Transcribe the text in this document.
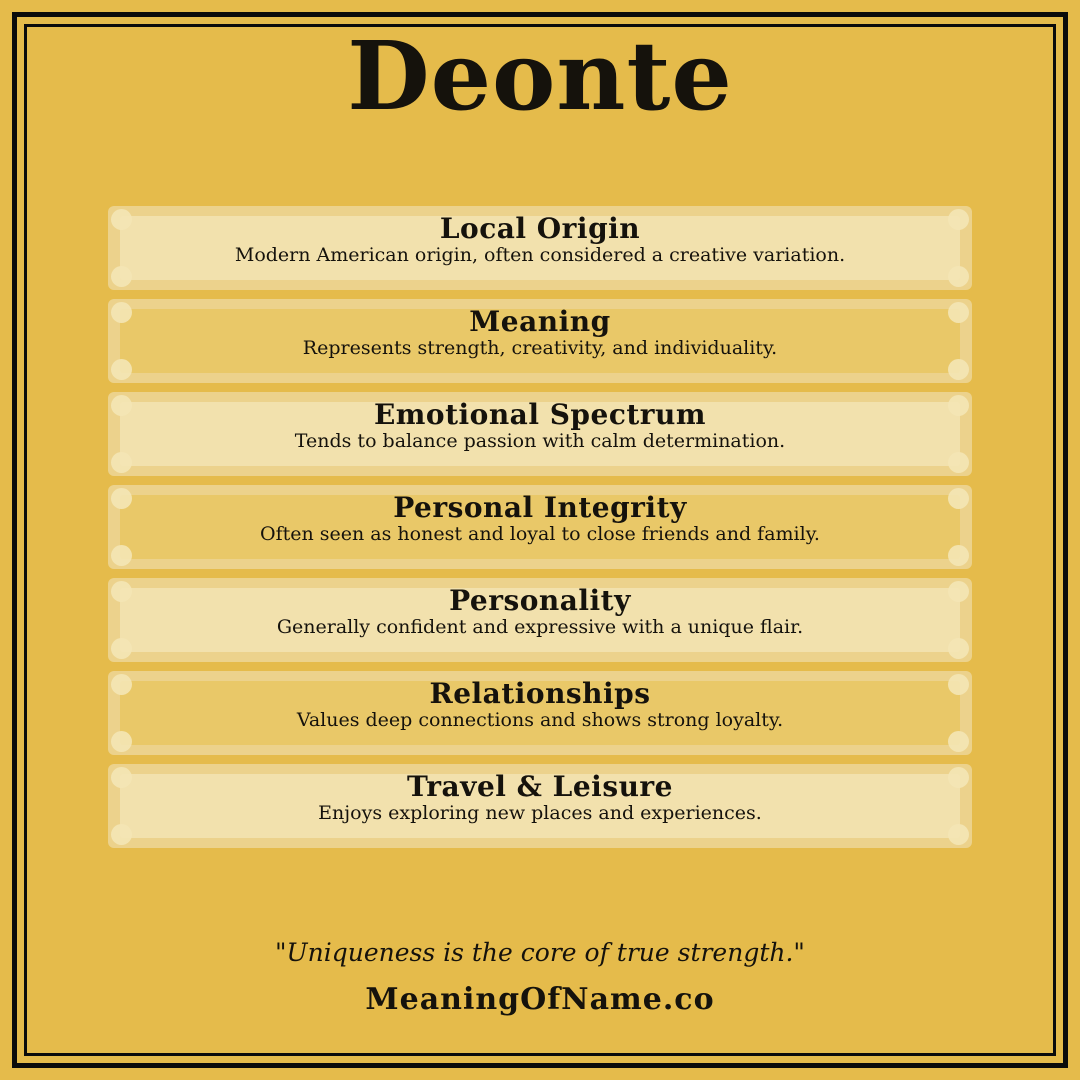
Deonte
Local Origin

Modern American origin, often considered a creative variation.

Meaning

Represents strength, creativity, and individuality.

Emotional Spectrum

Tends to balance passion with calm determination.

Personal Integrity

Often seen as honest and loyal to close friends and family.

Personality

Generally confident and expressive with a unique flair.

Relationships

Values deep connections and shows strong loyalty.

Travel & Leisure

Enjoys exploring new places and experiences.

"Uniqueness is the core of true strength."
MeaningOfName.co
